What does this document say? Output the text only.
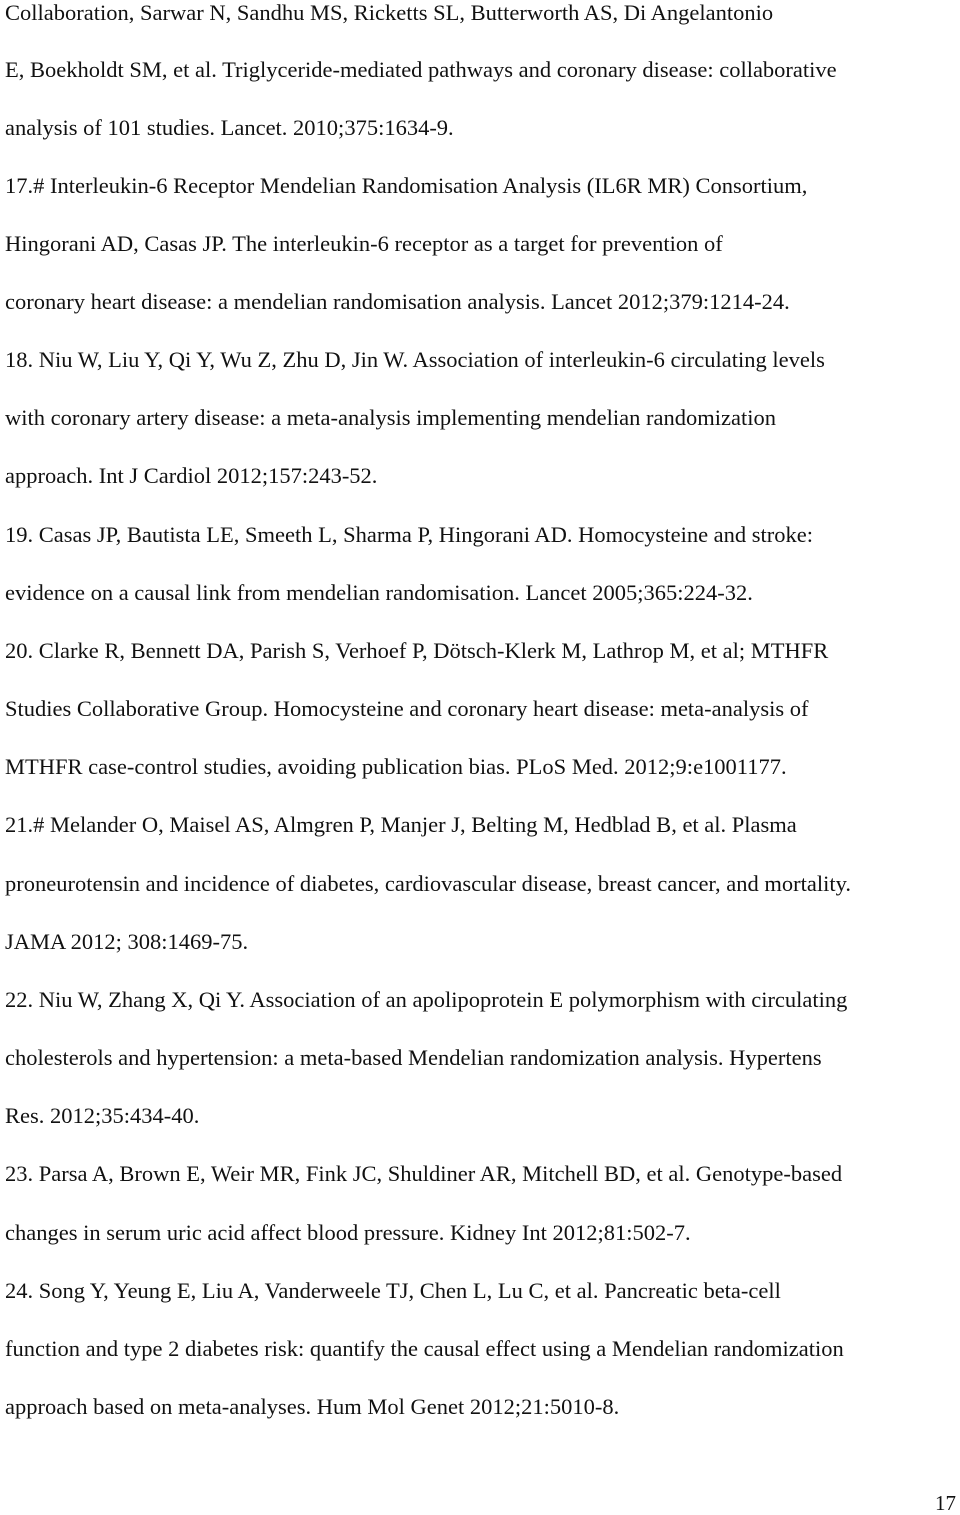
Collaboration, Sarwar N, Sandhu MS, Ricketts SL, Butterworth AS, Di Angelantonio
E, Boekholdt SM, et al. Triglyceride-mediated pathways and coronary disease: collaborative
analysis of 101 studies. Lancet. 2010;375:1634-9.
17.# Interleukin-6 Receptor Mendelian Randomisation Analysis (IL6R MR) Consortium,
Hingorani AD, Casas JP. The interleukin-6 receptor as a target for prevention of
coronary heart disease: a mendelian randomisation analysis. Lancet 2012;379:1214-24.
18. Niu W, Liu Y, Qi Y, Wu Z, Zhu D, Jin W. Association of interleukin-6 circulating levels
with coronary artery disease: a meta-analysis implementing mendelian randomization
approach. Int J Cardiol 2012;157:243-52.
19. Casas JP, Bautista LE, Smeeth L, Sharma P, Hingorani AD. Homocysteine and stroke:
evidence on a causal link from mendelian randomisation. Lancet 2005;365:224-32.
20. Clarke R, Bennett DA, Parish S, Verhoef P, Dötsch-Klerk M, Lathrop M, et al; MTHFR
Studies Collaborative Group. Homocysteine and coronary heart disease: meta-analysis of
MTHFR case-control studies, avoiding publication bias. PLoS Med. 2012;9:e1001177.
21.# Melander O, Maisel AS, Almgren P, Manjer J, Belting M, Hedblad B, et al. Plasma
proneurotensin and incidence of diabetes, cardiovascular disease, breast cancer, and mortality.
JAMA 2012; 308:1469-75.
22. Niu W, Zhang X, Qi Y. Association of an apolipoprotein E polymorphism with circulating
cholesterols and hypertension: a meta-based Mendelian randomization analysis. Hypertens
Res. 2012;35:434-40.
23. Parsa A, Brown E, Weir MR, Fink JC, Shuldiner AR, Mitchell BD, et al. Genotype-based
changes in serum uric acid affect blood pressure. Kidney Int 2012;81:502-7.
24. Song Y, Yeung E, Liu A, Vanderweele TJ, Chen L, Lu C, et al. Pancreatic beta-cell
function and type 2 diabetes risk: quantify the causal effect using a Mendelian randomization
approach based on meta-analyses. Hum Mol Genet 2012;21:5010-8.
17
